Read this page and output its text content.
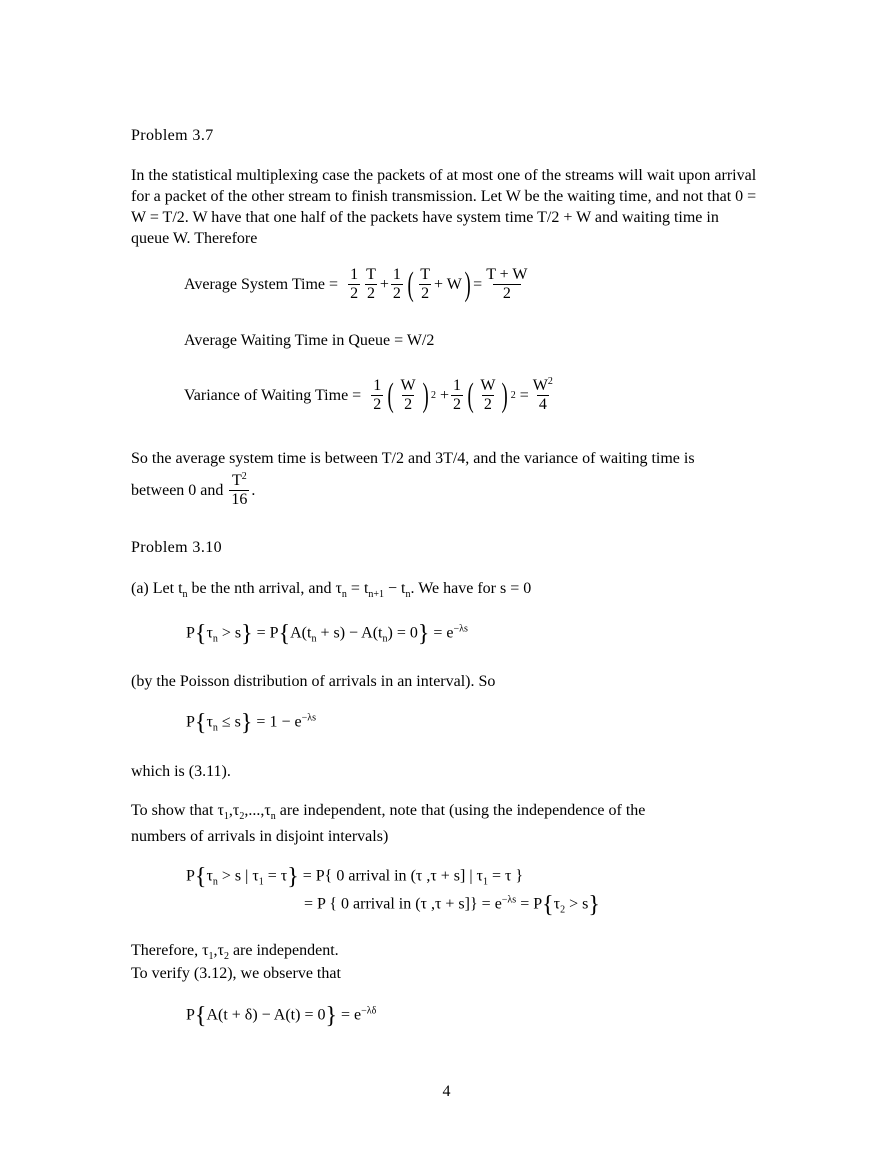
Problem 3.7
In the statistical multiplexing case the packets of at most one of the streams will wait upon arrival for a packet of the other stream to finish transmission. Let W be the waiting time, and not that 0 = W = T/2. W have that one half of the packets have system time T/2 + W and waiting time in queue W. Therefore
Average System Time = $\frac{1}{2} \frac{T}{2} + \frac{1}{2}$ ( $\frac{T}{2} + W$ ) = $\frac{T + W}{2}$
Average Waiting Time in Queue = W/2
Variance of Waiting Time = $\frac{1}{2}$ ( $\frac{W}{2}$ ) $2 + \frac{1}{2}$ ( $\frac{W}{2}$ ) $2 = \frac{W^2}{4}$
So the average system time is between T/2 and 3T/4, and the variance of waiting time is
between 0 and $\frac{T^2}{16}$ .
Problem 3.10
(a) Let $t_n$ be the nth arrival, and $\tau_n = t_{n+1} - t_n$. We have for s = 0
$P\{\tau_n > s\} = P\{A(t_n + s) - A(t_n) = 0\} = e^{-\lambda s}$
(by the Poisson distribution of arrivals in an interval). So
$P\{\tau_n \le s\} = 1 - e^{-\lambda s}$
which is (3.11).
To show that $\tau_1,\tau_2,...,\tau_n$ are independent, note that (using the independence of the
numbers of arrivals in disjoint intervals)
$P\{\tau_n > s$ | $\tau_1 = \tau\} = P${ 0 arrival in (τ ,τ + s] | $\tau_1 = \tau$ }
= P { 0 arrival in (τ $,\tau + s]\} = e^{-\lambda s} = P\{\tau_2 > s\}$
Therefore, $\tau_1,\tau_2$ are independent.
To verify (3.12), we observe that
$P\{A(t + \delta) - A(t) = 0\} = e^{-\lambda\delta}$
4
